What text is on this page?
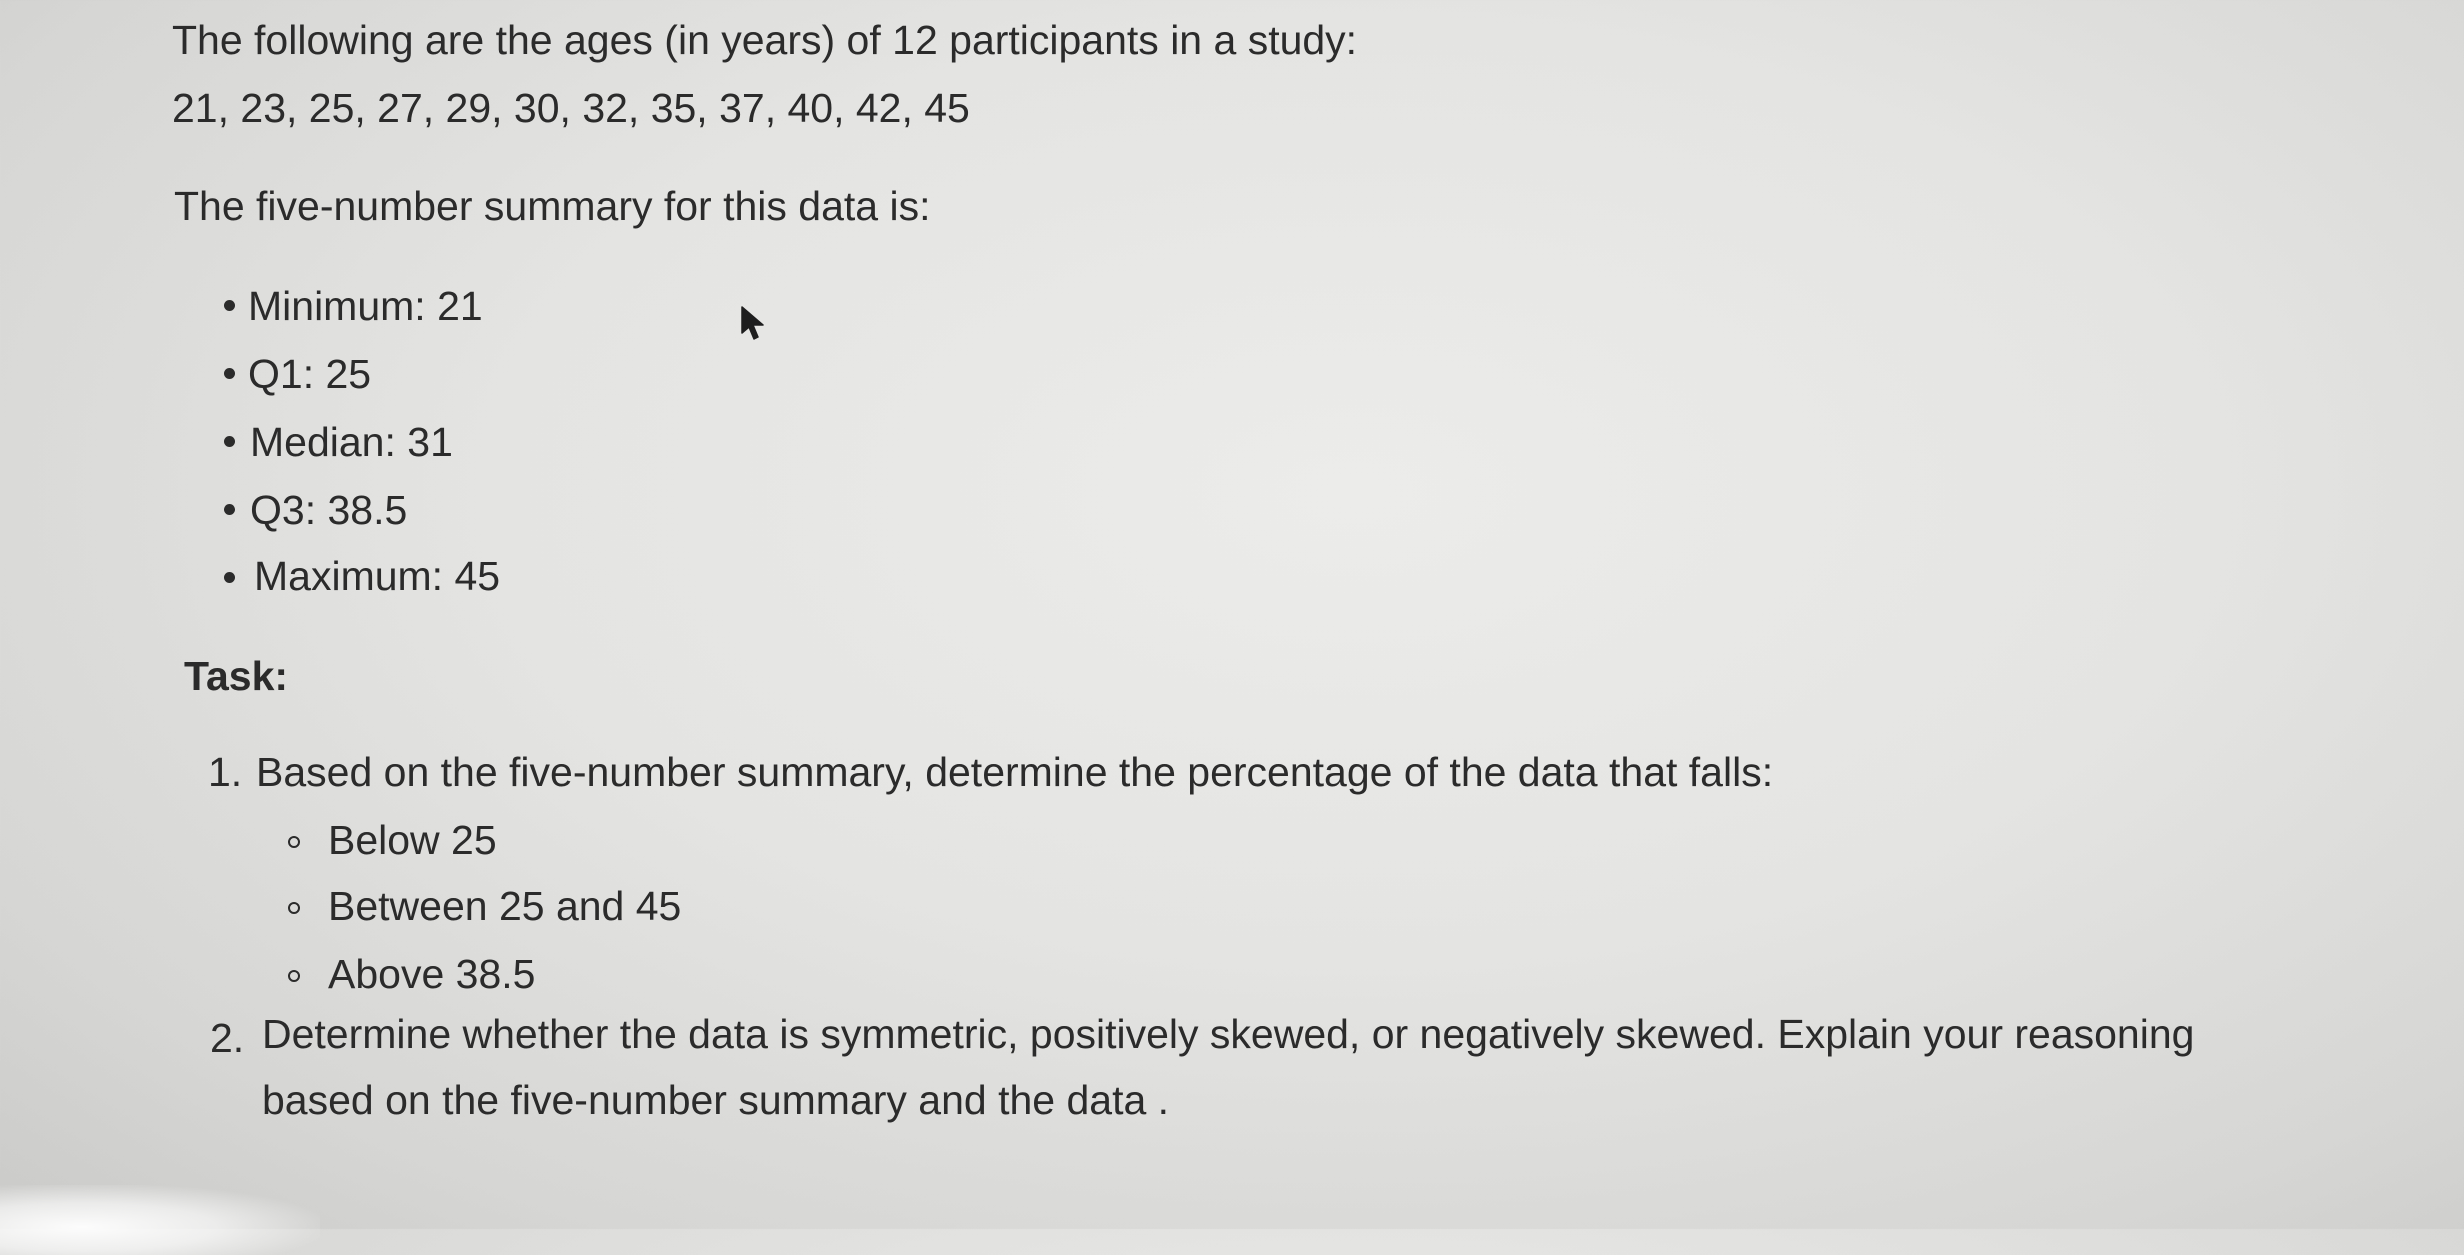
The following are the ages (in years) of 12 participants in a study:
21, 23, 25, 27, 29, 30, 32, 35, 37, 40, 42, 45
The five-number summary for this data is:
Minimum: 21
Q1: 25
Median: 31
Q3: 38.5
Maximum: 45
Task:
1. Based on the five-number summary, determine the percentage of the data that falls:
Below 25
Between 25 and 45
Above 38.5
2. Determine whether the data is symmetric, positively skewed, or negatively skewed. Explain your reasoning
based on the five-number summary and the data .
